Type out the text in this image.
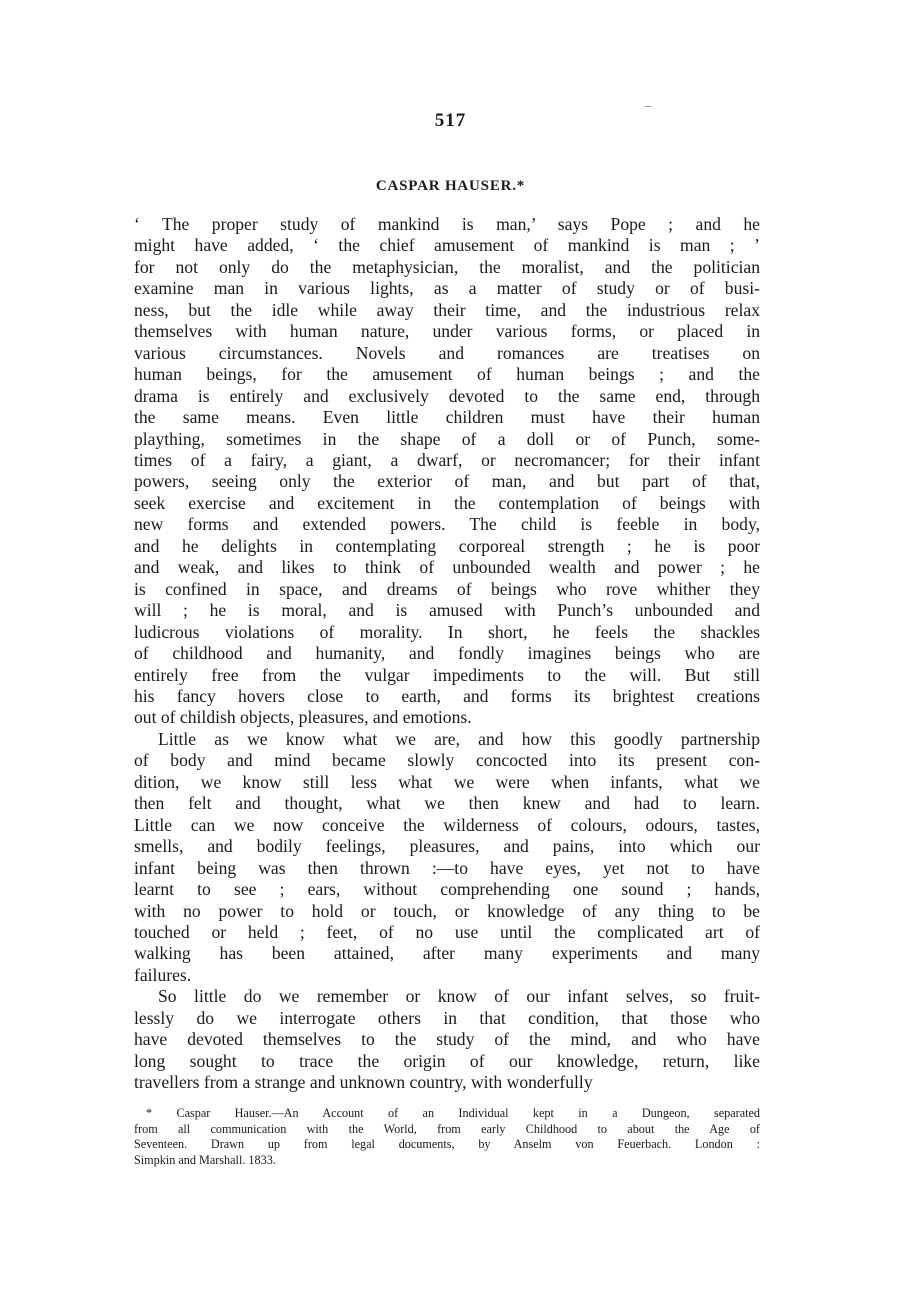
517
CASPAR HAUSER.*

‘ The proper study of mankind is man,’ says Pope ; and he
might have added, ‘ the chief amusement of mankind is man ; ’
for not only do the metaphysician, the moralist, and the politician
examine man in various lights, as a matter of study or of busi-
ness, but the idle while away their time, and the industrious relax
themselves with human nature, under various forms, or placed in
various circumstances. Novels and romances are treatises on
human beings, for the amusement of human beings ; and the
drama is entirely and exclusively devoted to the same end, through
the same means. Even little children must have their human
plaything, sometimes in the shape of a doll or of Punch, some-
times of a fairy, a giant, a dwarf, or necromancer; for their infant
powers, seeing only the exterior of man, and but part of that,
seek exercise and excitement in the contemplation of beings with
new forms and extended powers. The child is feeble in body,
and he delights in contemplating corporeal strength ; he is poor
and weak, and likes to think of unbounded wealth and power ; he
is confined in space, and dreams of beings who rove whither they
will ; he is moral, and is amused with Punch’s unbounded and
ludicrous violations of morality. In short, he feels the shackles
of childhood and humanity, and fondly imagines beings who are
entirely free from the vulgar impediments to the will. But still
his fancy hovers close to earth, and forms its brightest creations
out of childish objects, pleasures, and emotions.

Little as we know what we are, and how this goodly partnership
of body and mind became slowly concocted into its present con-
dition, we know still less what we were when infants, what we
then felt and thought, what we then knew and had to learn.
Little can we now conceive the wilderness of colours, odours, tastes,
smells, and bodily feelings, pleasures, and pains, into which our
infant being was then thrown :—to have eyes, yet not to have
learnt to see ; ears, without comprehending one sound ; hands,
with no power to hold or touch, or knowledge of any thing to be
touched or held ; feet, of no use until the complicated art of
walking has been attained, after many experiments and many
failures.

So little do we remember or know of our infant selves, so fruit-
lessly do we interrogate others in that condition, that those who
have devoted themselves to the study of the mind, and who have
long sought to trace the origin of our knowledge, return, like
travellers from a strange and unknown country, with wonderfully

* Caspar Hauser.—An Account of an Individual kept in a Dungeon, separated
from all communication with the World, from early Childhood to about the Age of
Seventeen. Drawn up from legal documents, by Anselm von Feuerbach. London :
Simpkin and Marshall. 1833.
